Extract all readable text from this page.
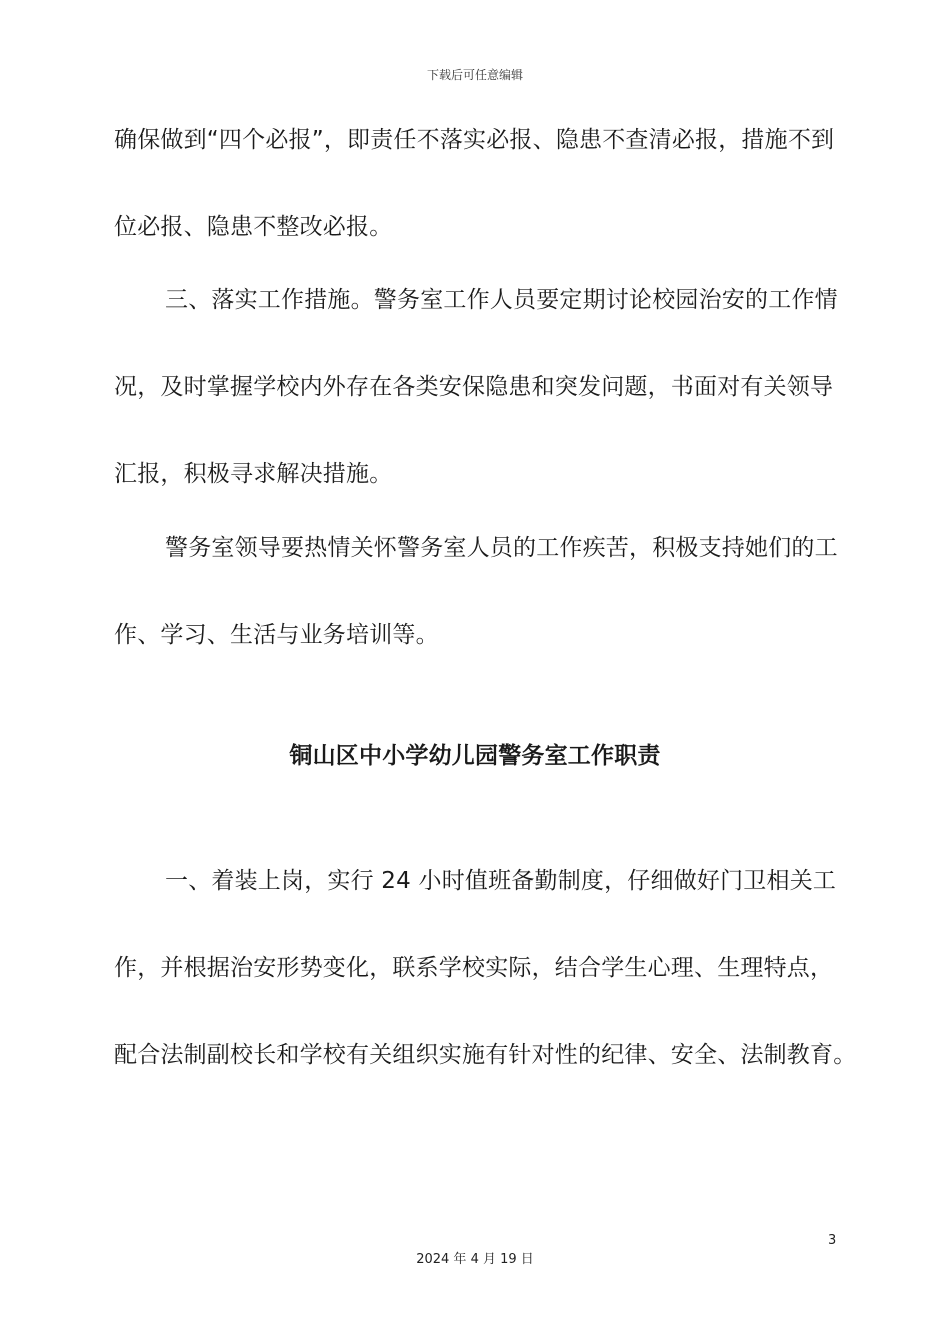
下载后可任意编辑
确保做到“四个必报”，即责任不落实必报、隐患不查清必报，措施不到
位必报、隐患不整改必报。
三、落实工作措施。警务室工作人员要定期讨论校园治安的工作情
况，及时掌握学校内外存在各类安保隐患和突发问题，书面对有关领导
汇报，积极寻求解决措施。
警务室领导要热情关怀警务室人员的工作疾苦，积极支持她们的工
作、学习、生活与业务培训等。
铜山区中小学幼儿园警务室工作职责
一、着装上岗，实行 24 小时值班备勤制度，仔细做好门卫相关工
作，并根据治安形势变化，联系学校实际，结合学生心理、生理特点，
配合法制副校长和学校有关组织实施有针对性的纪律、安全、法制教育。
3
2024 年 4 月 19 日
